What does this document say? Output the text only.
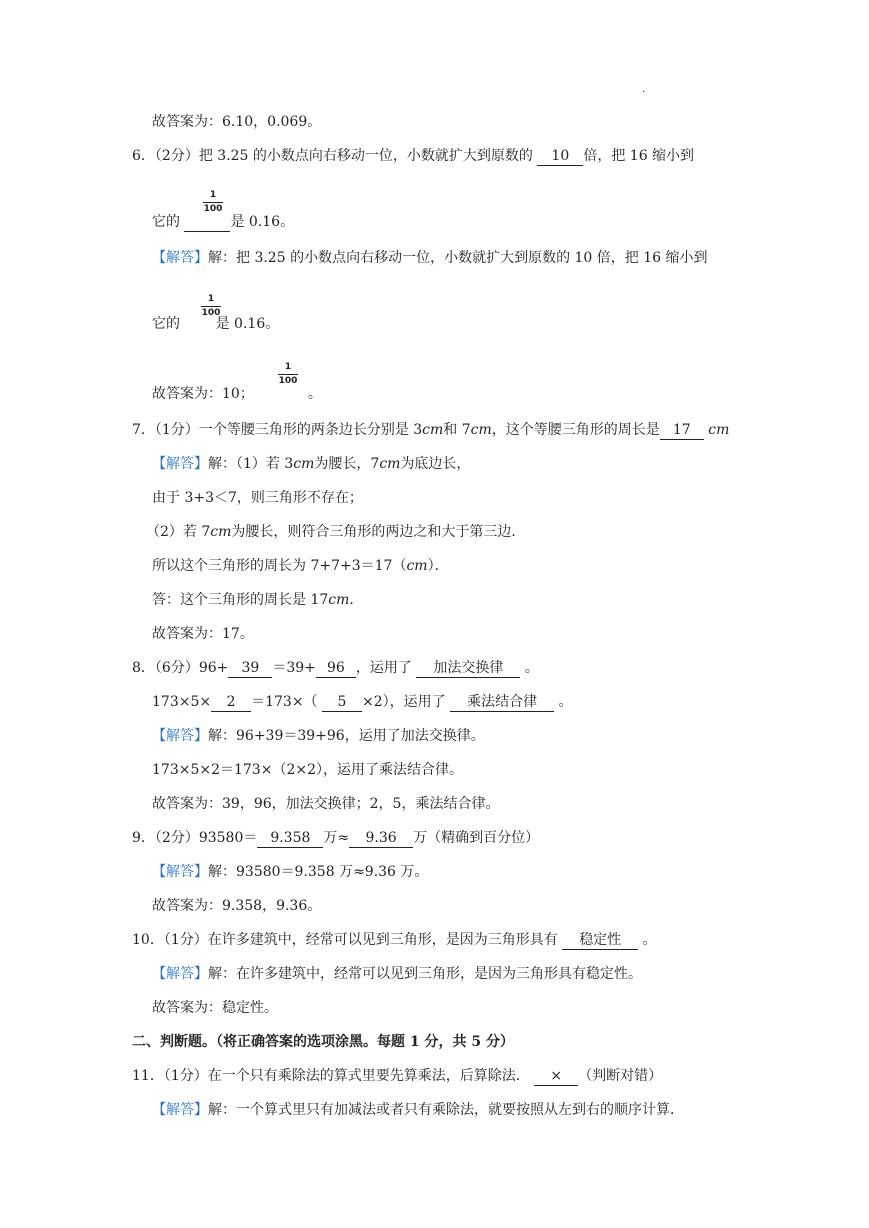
.
故答案为：6.10，0.069。
6．（2分）把 3.25 的小数点向右移动一位，小数就扩大到原数的 10 倍，把 16 缩小到
1
100
它的	是 0.16。
【解答】解：把 3.25 的小数点向右移动一位，小数就扩大到原数的 10 倍，把 16 缩小到
1
100
它的	是 0.16。
1
100
故答案为：10；	。
7．（1分）一个等腰三角形的两条边长分别是 3cm和 7cm，这个等腰三角形的周长是 17 cm
【解答】解：（1）若 3cm为腰长，7cm为底边长，
由于 3+3＜7，则三角形不存在；
（2）若 7cm为腰长，则符合三角形的两边之和大于第三边．
所以这个三角形的周长为 7+7+3＝17（cm）．
答：这个三角形的周长是 17cm．
故答案为：17。
8．（6分）96+ 39 ＝39+ 96 ，运用了 加法交换律 。
173×5× 2 ＝173×（ 5 ×2），运用了 乘法结合律 。
【解答】解：96+39＝39+96，运用了加法交换律。
173×5×2＝173×（2×2），运用了乘法结合律。
故答案为：39，96，加法交换律；2，5，乘法结合律。
9．（2分）93580＝ 9.358 万≈ 9.36 万（精确到百分位）
【解答】解：93580＝9.358 万≈9.36 万。
故答案为：9.358，9.36。
10．（1分）在许多建筑中，经常可以见到三角形，是因为三角形具有 稳定性 。
【解答】解：在许多建筑中，经常可以见到三角形，是因为三角形具有稳定性。
故答案为：稳定性。
二、判断题。（将正确答案的选项涂黑。每题 1 分，共 5 分）
11．（1分）在一个只有乘除法的算式里要先算乘法，后算除法． × （判断对错）
【解答】解：一个算式里只有加减法或者只有乘除法，就要按照从左到右的顺序计算．
